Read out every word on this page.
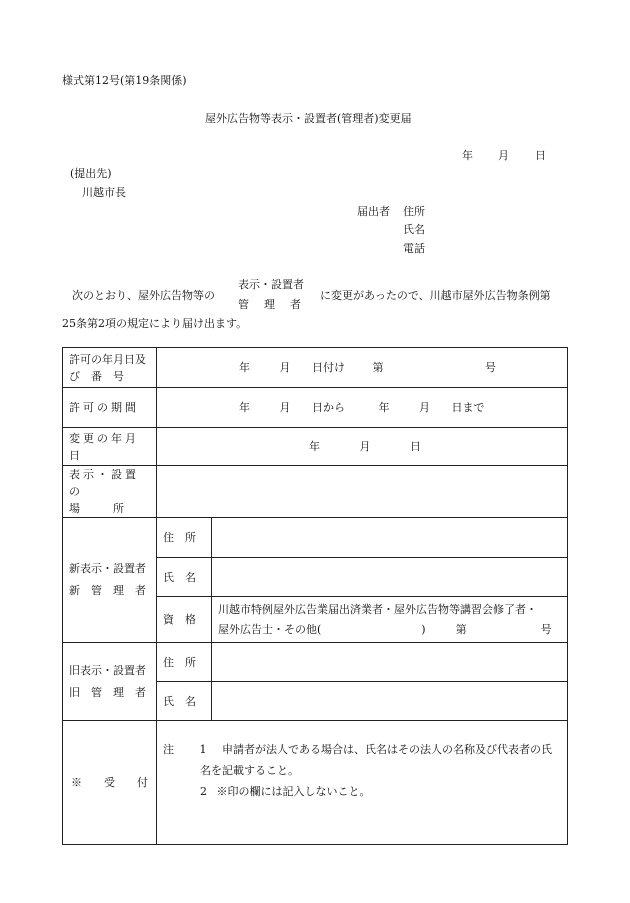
様式第12号(第19条関係)
屋外広告物等表示・設置者(管理者)変更届
年 月 日
(提出先)
川越市長
届出者 住所
氏名
電話
次のとおり、屋外広告物等の
表示・設置者
管　理　者
に変更があったので、川越市屋外広告物条例第
25条第2項の規定により届け出ます。
許可の年月日及
び　番　号	年 月 日付け 第 号	
許可の期間	年 月 日から 年 月 日まで	
変更の年月日	年 月 日	

表示・設置の
場　　　所		

新表示・設置者
新　管　理　者	住　所	
	氏　名	
	資　格	川越市特例屋外広告業届出済業者・屋外広告物等講習会修了者・
屋外広告士・その他( ) 第 号

旧表示・設置者
旧　管　理　者	住　所	
	氏　名	
※　　受　　付	注 1 申請者が法人である場合は、氏名はその法人の名称及び代表者の氏
名を記載すること。
2 ※印の欄には記入しないこと。	
